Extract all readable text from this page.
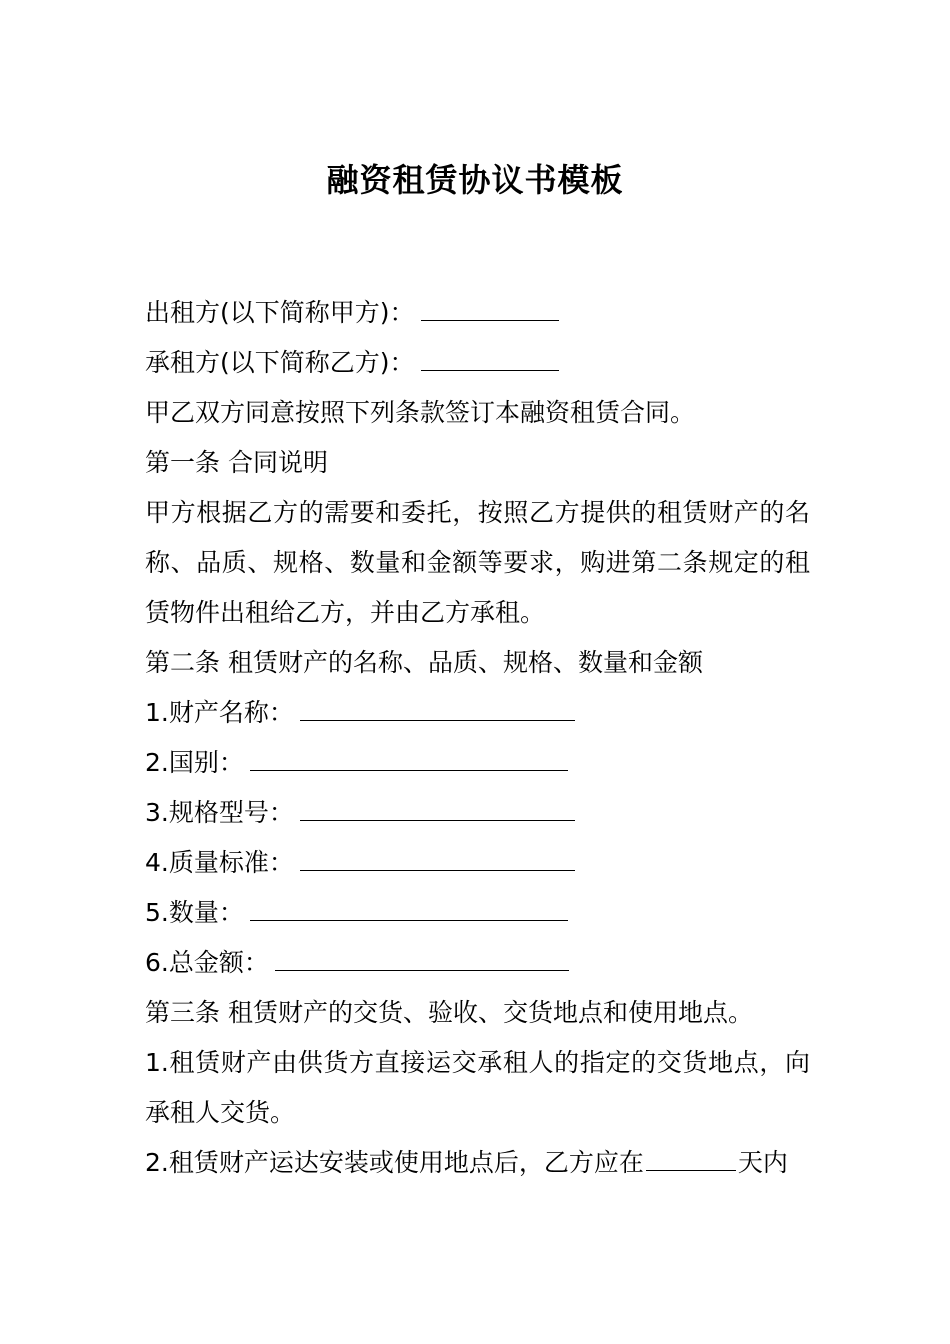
融资租赁协议书模板

出租方(以下简称甲方)：

承租方(以下简称乙方)：

甲乙双方同意按照下列条款签订本融资租赁合同。

第一条 合同说明

甲方根据乙方的需要和委托，按照乙方提供的租赁财产的名称、品质、规格、数量和金额等要求，购进第二条规定的租赁物件出租给乙方，并由乙方承租。

第二条 租赁财产的名称、品质、规格、数量和金额

1.财产名称：

2.国别：

3.规格型号：

4.质量标准：

5.数量：

6.总金额：

第三条 租赁财产的交货、验收、交货地点和使用地点。

1.租赁财产由供货方直接运交承租人的指定的交货地点，向承租人交货。

2.租赁财产运达安装或使用地点后，乙方应在	天内
